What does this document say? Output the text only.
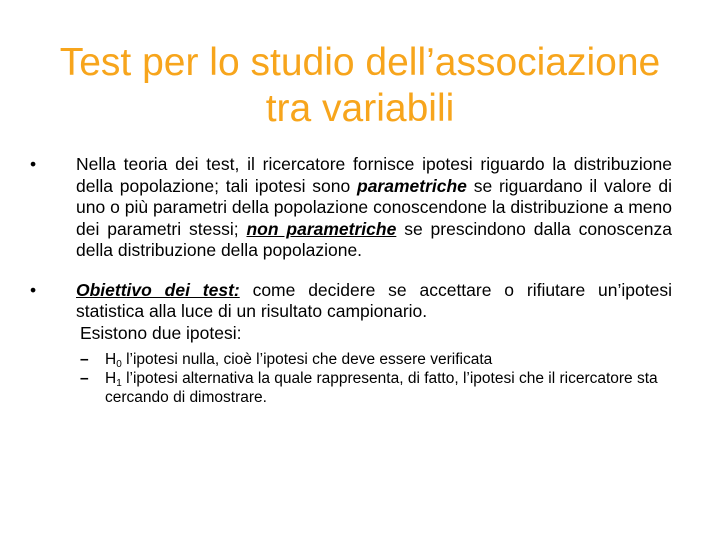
Test per lo studio dell’associazione
tra variabili
•	Nella teoria dei test, il ricercatore fornisce ipotesi riguardo la distribuzione della popolazione; tali ipotesi sono parametriche se riguardano il valore di uno o più parametri della popolazione conoscendone la distribuzione a meno dei parametri stessi; non parametriche se prescindono dalla conoscenza della distribuzione della popolazione.
•	Obiettivo dei test: come decidere se accettare o rifiutare un’ipotesi statistica alla luce di un risultato campionario.
Esistono due ipotesi:
– $H_0$ l’ipotesi nulla, cioè l’ipotesi che deve essere verificata
– $H_1$ l’ipotesi alternativa la quale rappresenta, di fatto, l’ipotesi che il ricercatore sta cercando di dimostrare.
